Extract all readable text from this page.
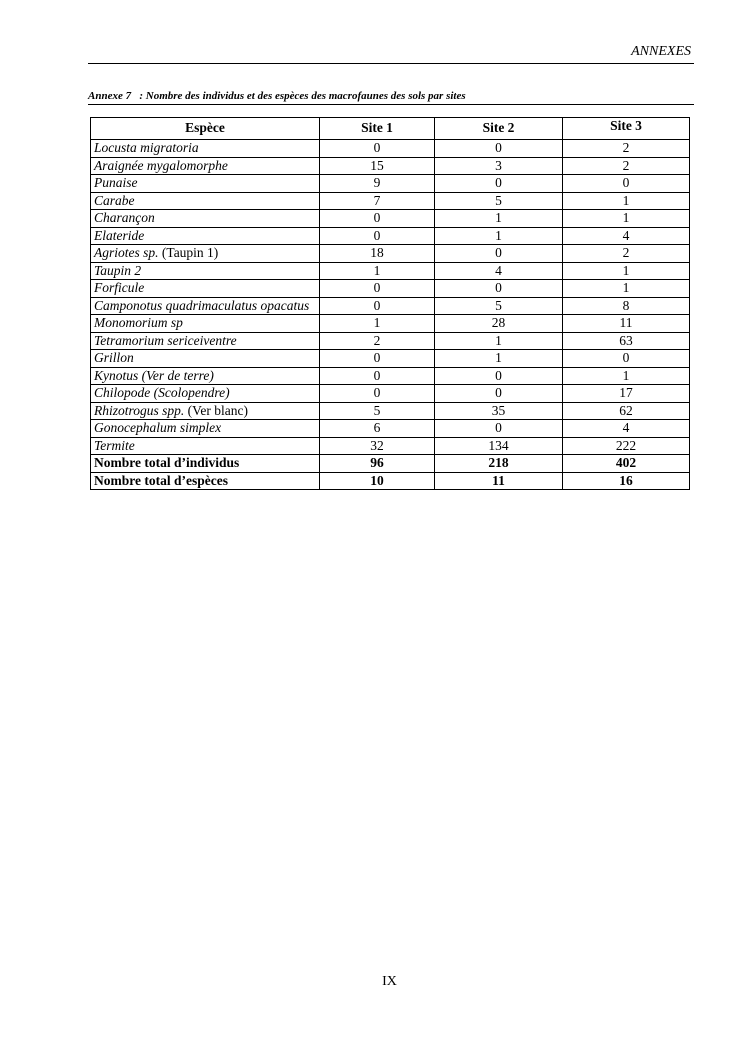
ANNEXES
Annexe 7   : Nombre des individus et des espèces des macrofaunes des sols par sites
Espèce	Site 1	Site 2	Site 3
Locusta migratoria	0	0	2
Araignée mygalomorphe	15	3	2
Punaise	9	0	0
Carabe	7	5	1
Charançon	0	1	1
Elateride	0	1	4
Agriotes sp. (Taupin 1)	18	0	2
Taupin 2	1	4	1
Forficule	0	0	1
Camponotus quadrimaculatus opacatus	0	5	8
Monomorium sp	1	28	11
Tetramorium sericeiventre	2	1	63
Grillon	0	1	0
Kynotus (Ver de terre)	0	0	1
Chilopode (Scolopendre)	0	0	17
Rhizotrogus spp. (Ver blanc)	5	35	62
Gonocephalum simplex	6	0	4
Termite	32	134	222
Nombre total d’individus	96	218	402
Nombre total d’espèces	10	11	16
IX
